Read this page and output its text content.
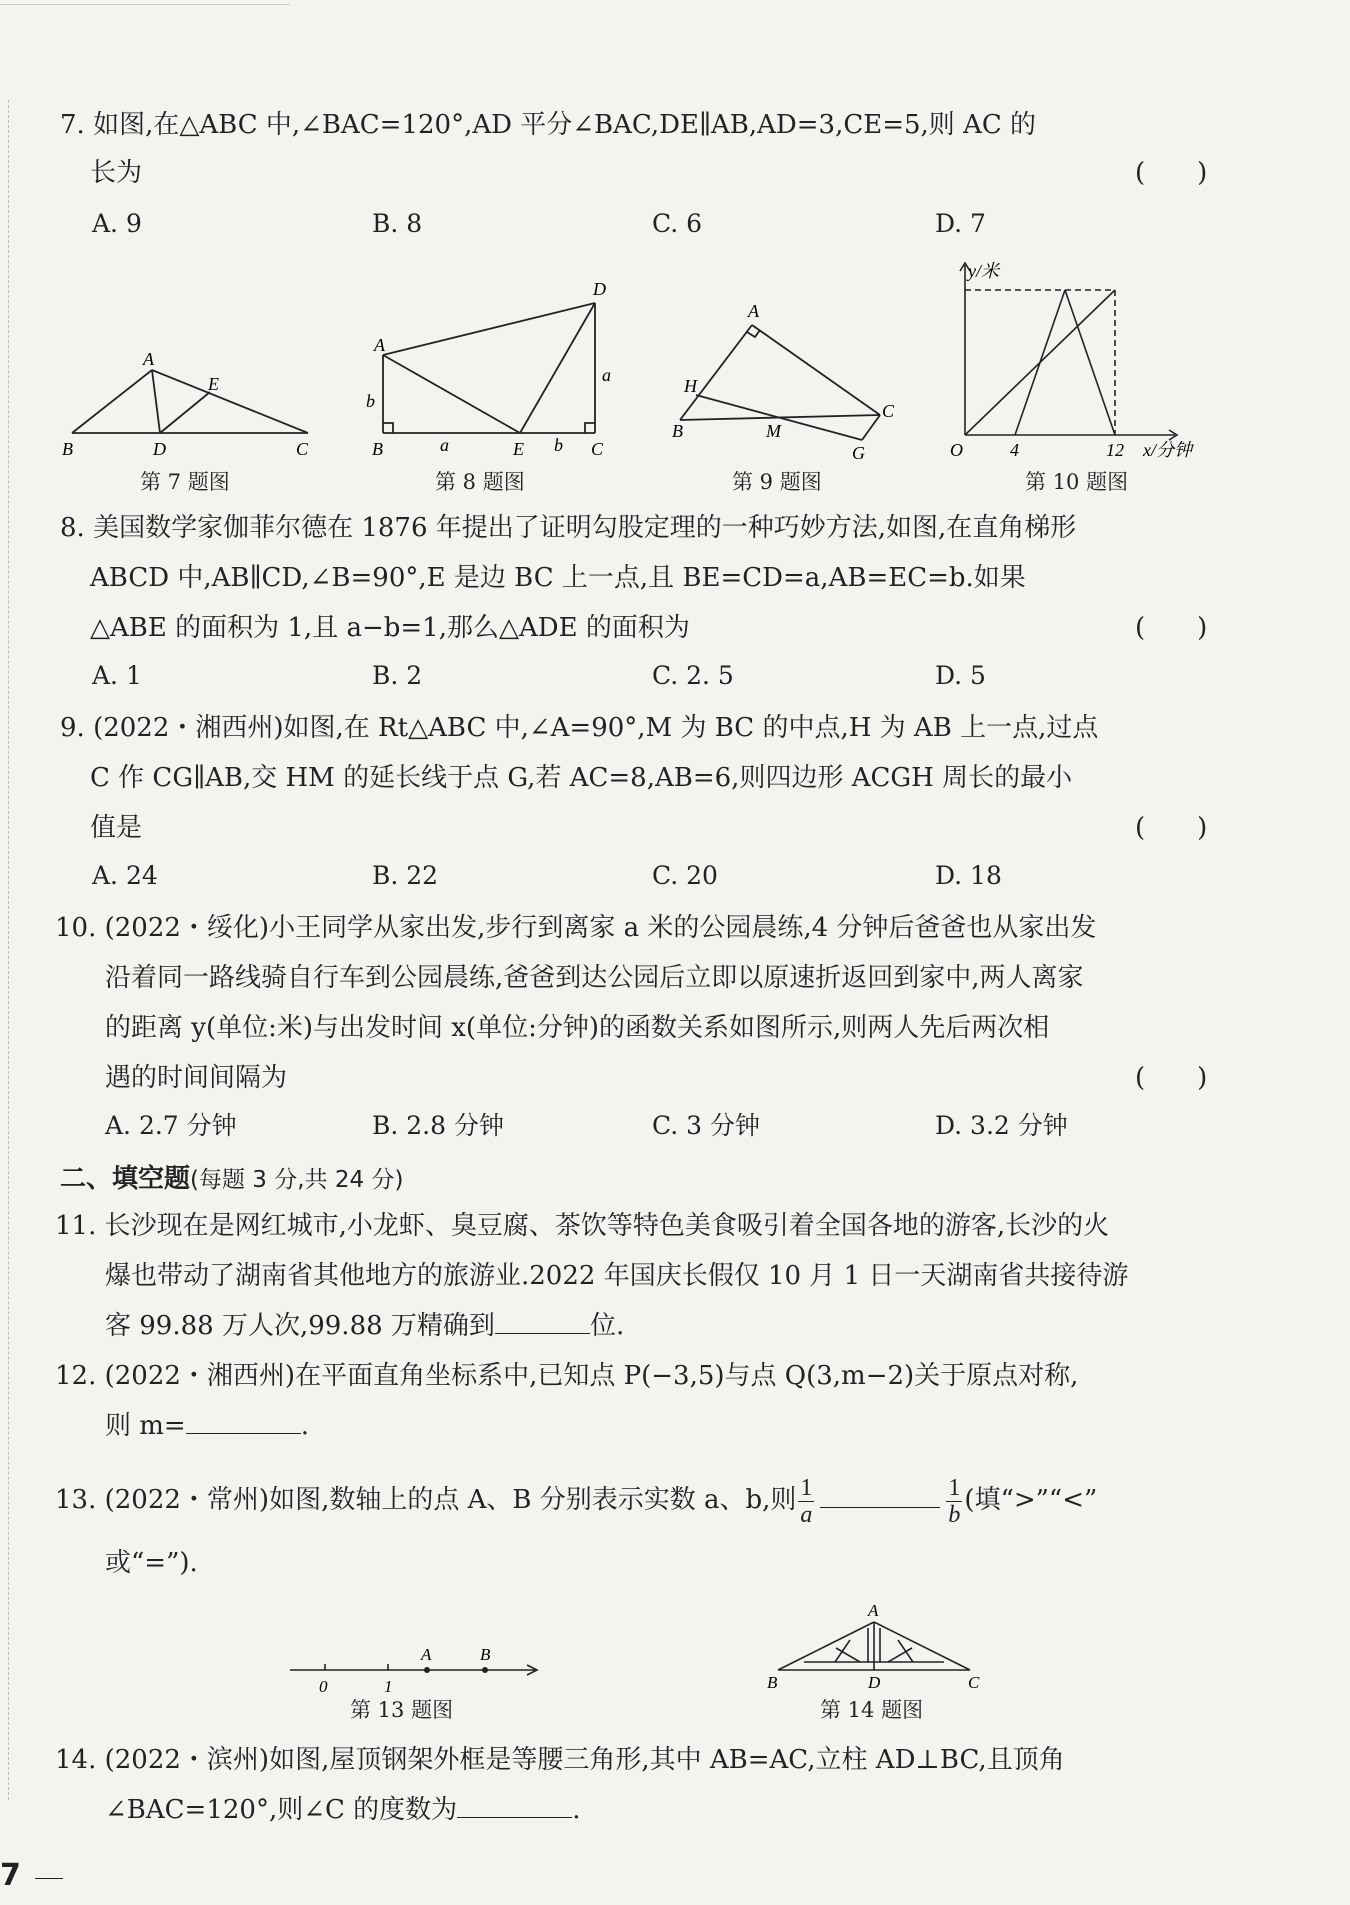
7. 如图,在△ABC 中,∠BAC=120°,AD 平分∠BAC,DE∥AB,AD=3,CE=5,则 AC 的
长为	(　　)
A. 9	B. 8	C. 6	D. 7
A
E
B	D	C
D
A
a
b
B	a	E b C
A
H
C
B	M
G
y/米
x/分钟
O	4	12
第 7 题图	第 8 题图	第 9 题图	第 10 题图
8. 美国数学家伽菲尔德在 1876 年提出了证明勾股定理的一种巧妙方法,如图,在直角梯形
ABCD 中,AB∥CD,∠B=90°,E 是边 BC 上一点,且 BE=CD=a,AB=EC=b.如果
△ABE 的面积为 1,且 a−b=1,那么△ADE 的面积为	(　　)
A. 1	B. 2	C. 2. 5	D. 5
9. (2022・湘西州)如图,在 Rt△ABC 中,∠A=90°,M 为 BC 的中点,H 为 AB 上一点,过点
C 作 CG∥AB,交 HM 的延长线于点 G,若 AC=8,AB=6,则四边形 ACGH 周长的最小
值是	(　　)
A. 24	B. 22	C. 20	D. 18
10. (2022・绥化)小王同学从家出发,步行到离家 a 米的公园晨练,4 分钟后爸爸也从家出发
沿着同一路线骑自行车到公园晨练,爸爸到达公园后立即以原速折返回到家中,两人离家
的距离 y(单位:米)与出发时间 x(单位:分钟)的函数关系如图所示,则两人先后两次相
遇的时间间隔为	(　　)
A. 2.7 分钟	B. 2.8 分钟	C. 3 分钟	D. 3.2 分钟
二、填空题(每题 3 分,共 24 分)
11. 长沙现在是网红城市,小龙虾、臭豆腐、茶饮等特色美食吸引着全国各地的游客,长沙的火
爆也带动了湖南省其他地方的旅游业.2022 年国庆长假仅 10 月 1 日一天湖南省共接待游
客 99.88 万人次,99.88 万精确到	位.
12. (2022・湘西州)在平面直角坐标系中,已知点 P(−3,5)与点 Q(3,m−2)关于原点对称,
则 m=	.
13. (2022・常州)如图,数轴上的点 A、B 分别表示实数 a、b,则 $\frac{1}{a}$	$\frac{1}{b}$ (填“>”“<”
或“=”).
0	1
A	B
A
B	D	C
第 13 题图	第 14 题图
14. (2022・滨州)如图,屋顶钢架外框是等腰三角形,其中 AB=AC,立柱 AD⊥BC,且顶角
∠BAC=120°,则∠C 的度数为	.
7
